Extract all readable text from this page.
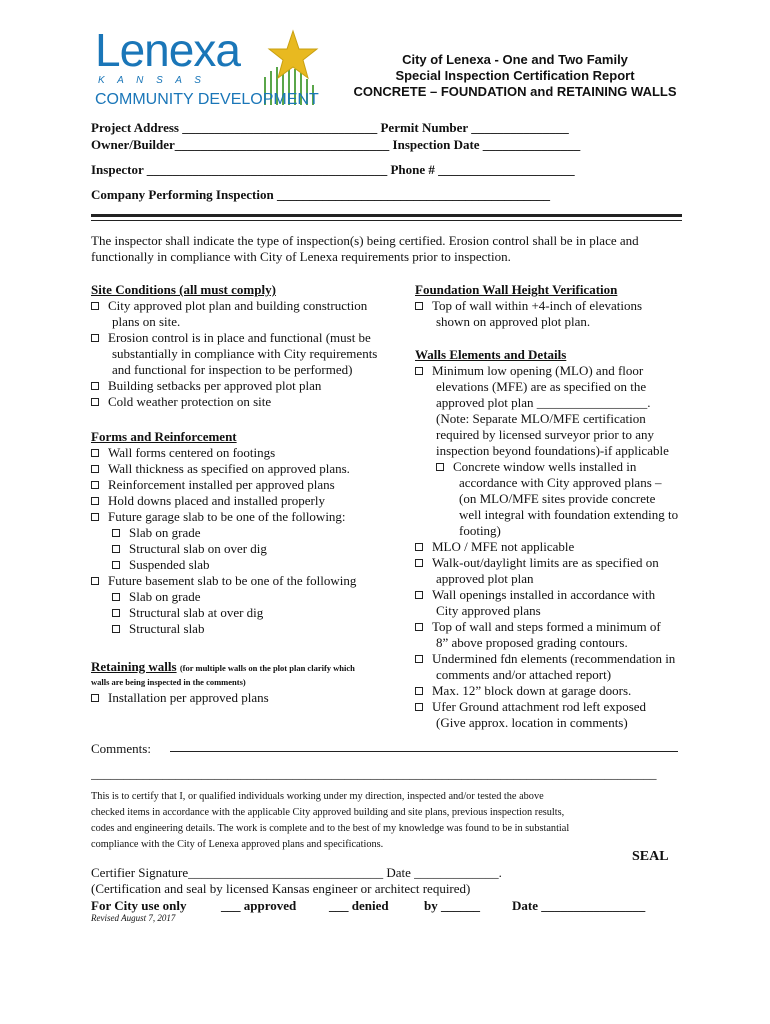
Lenexa
K A N S A S
COMMUNITY DEVELOPMENT
City of Lenexa - One and Two Family
Special Inspection Certification Report
CONCRETE – FOUNDATION and RETAINING WALLS
Project Address ______________________________ Permit Number _______________
Owner/Builder_________________________________ Inspection Date _______________
Inspector _____________________________________ Phone # _____________________
Company Performing Inspection __________________________________________
The inspector shall indicate the type of inspection(s) being certified. Erosion control shall be in place and
functionally in compliance with City of Lenexa requirements prior to inspection.
Site Conditions (all must comply)
City approved plot plan and building construction
plans on site.
Erosion control is in place and functional (must be
substantially in compliance with City requirements
and functional for inspection to be performed)
Building setbacks per approved plot plan
Cold weather protection on site
Forms and Reinforcement
Wall forms centered on footings
Wall thickness as specified on approved plans.
Reinforcement installed per approved plans
Hold downs placed and installed properly
Future garage slab to be one of the following:
Slab on grade
Structural slab on over dig
Suspended slab
Future basement slab to be one of the following
Slab on grade
Structural slab at over dig
Structural slab
Retaining walls (for multiple walls on the plot plan clarify which
walls are being inspected in the comments)
Installation per approved plans
Foundation Wall Height Verification
Top of wall within +4-inch of elevations
shown on approved plot plan.
Walls Elements and Details
Minimum low opening (MLO) and floor
elevations (MFE) are as specified on the
approved plot plan _________________.
(Note: Separate MLO/MFE certification
required by licensed surveyor prior to any
inspection beyond foundations)-if applicable
Concrete window wells installed in
accordance with City approved plans –
(on MLO/MFE sites provide concrete
well integral with foundation extending to
footing)
MLO / MFE not applicable
Walk-out/daylight limits are as specified on
approved plot plan
Wall openings installed in accordance with
City approved plans
Top of wall and steps formed a minimum of
8” above proposed grading contours.
Undermined fdn elements (recommendation in
comments and/or attached report)
Max. 12” block down at garage doors.
Ufer Ground attachment rod left exposed
(Give approx. location in comments)
Comments:
_______________________________________________________________________________________
This is to certify that I, or qualified individuals working under my direction, inspected and/or tested the above
checked items in accordance with the applicable City approved building and site plans, previous inspection results,
codes and engineering details. The work is complete and to the best of my knowledge was found to be in substantial
compliance with the City of Lenexa approved plans and specifications.
SEAL
Certifier Signature______________________________ Date _____________.
(Certification and seal by licensed Kansas engineer or architect required)
For City use only	___ approved	___ denied	by ______ Date ________________
Revised August 7, 2017
